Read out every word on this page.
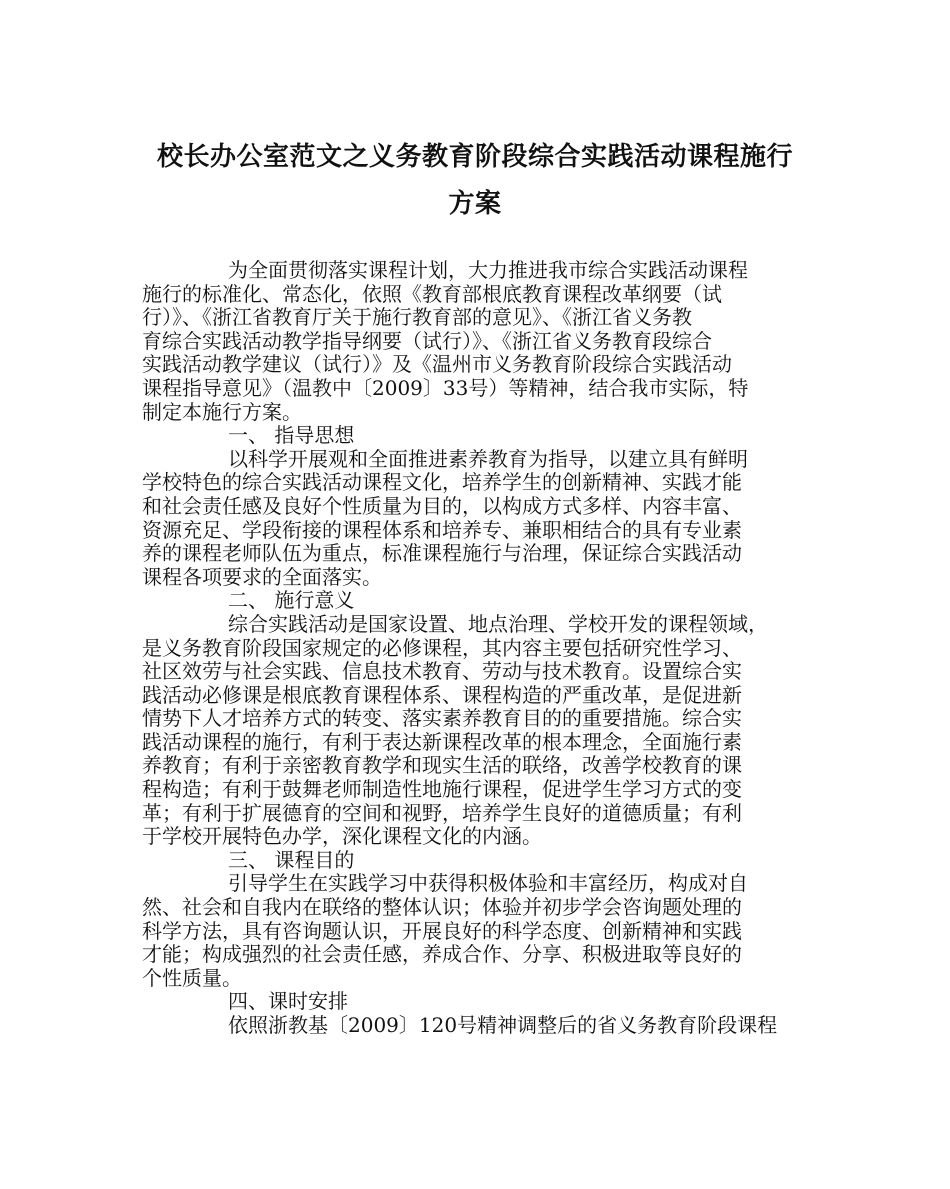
校长办公室范文之义务教育阶段综合实践活动课程施行
方案
为全面贯彻落实课程计划，大力推进我市综合实践活动课程
施行的标准化、常态化，依照《教育部根底教育课程改革纲要（试
行）》、《浙江省教育厅关于施行教育部的意见》、《浙江省义务教
育综合实践活动教学指导纲要（试行）》、《浙江省义务教育段综合
实践活动教学建议（试行）》及《温州市义务教育阶段综合实践活动
课程指导意见》（温教中〔2009〕33号）等精神，结合我市实际，特
制定本施行方案。
一、 指导思想
以科学开展观和全面推进素养教育为指导，以建立具有鲜明
学校特色的综合实践活动课程文化，培养学生的创新精神、实践才能
和社会责任感及良好个性质量为目的，以构成方式多样、内容丰富、
资源充足、学段衔接的课程体系和培养专、兼职相结合的具有专业素
养的课程老师队伍为重点，标准课程施行与治理，保证综合实践活动
课程各项要求的全面落实。
二、 施行意义
综合实践活动是国家设置、地点治理、学校开发的课程领域，
是义务教育阶段国家规定的必修课程，其内容主要包括研究性学习、
社区效劳与社会实践、信息技术教育、劳动与技术教育。设置综合实
践活动必修课是根底教育课程体系、课程构造的严重改革，是促进新
情势下人才培养方式的转变、落实素养教育目的的重要措施。综合实
践活动课程的施行，有利于表达新课程改革的根本理念，全面施行素
养教育；有利于亲密教育教学和现实生活的联络，改善学校教育的课
程构造；有利于鼓舞老师制造性地施行课程，促进学生学习方式的变
革；有利于扩展德育的空间和视野，培养学生良好的道德质量；有利
于学校开展特色办学，深化课程文化的内涵。
三、 课程目的
引导学生在实践学习中获得积极体验和丰富经历，构成对自
然、社会和自我内在联络的整体认识；体验并初步学会咨询题处理的
科学方法，具有咨询题认识，开展良好的科学态度、创新精神和实践
才能；构成强烈的社会责任感，养成合作、分享、积极进取等良好的
个性质量。
四、课时安排
依照浙教基〔2009〕120号精神调整后的省义务教育阶段课程
